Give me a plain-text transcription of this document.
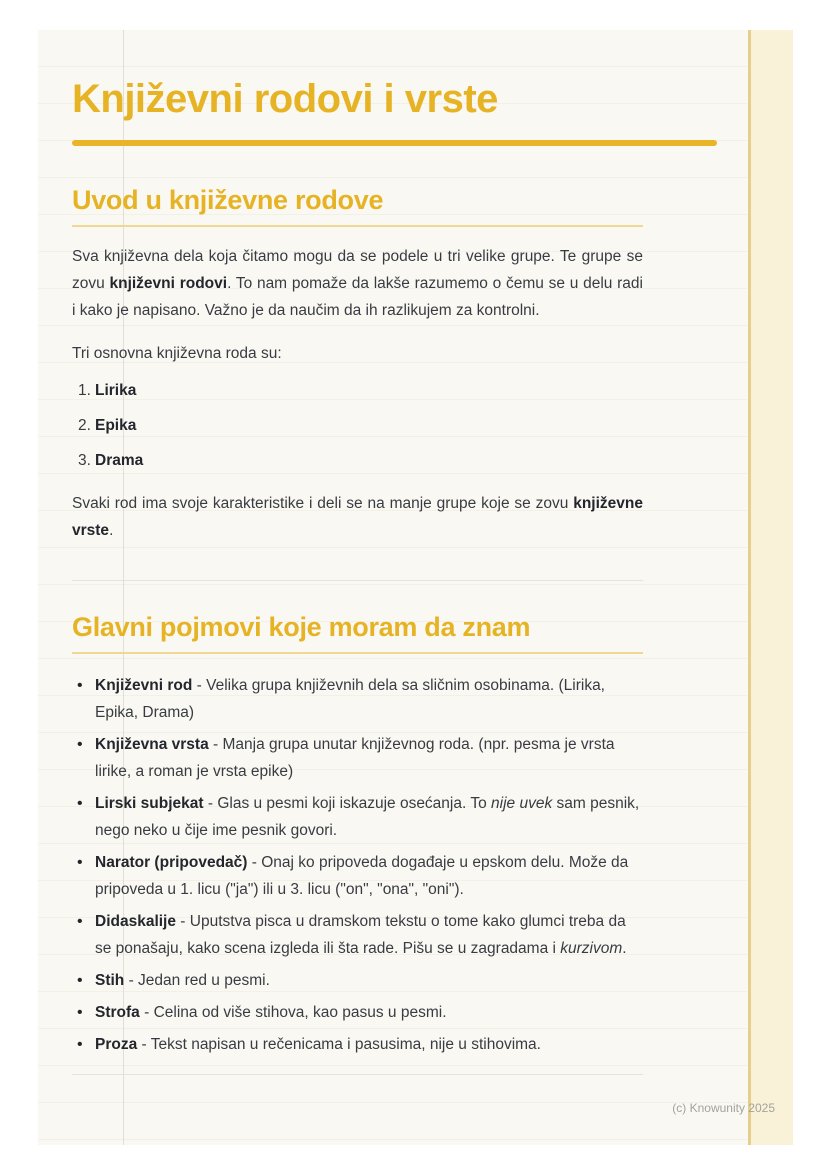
Književni rodovi i vrste
Uvod u književne rodove

Sva književna dela koja čitamo mogu da se podele u tri velike grupe. Te grupe se zovu književni rodovi. To nam pomaže da lakše razumemo o čemu se u delu radi i kako je napisano. Važno je da naučim da ih razlikujem za kontrolni.

Tri osnovna književna roda su:

1. Lirika
2. Epika
3. Drama

Svaki rod ima svoje karakteristike i deli se na manje grupe koje se zovu književne vrste.

Glavni pojmovi koje moram da znam
• Književni rod - Velika grupa književnih dela sa sličnim osobinama. (Lirika, Epika, Drama)
• Književna vrsta - Manja grupa unutar književnog roda. (npr. pesma je vrsta lirike, a roman je vrsta epike)
• Lirski subjekat - Glas u pesmi koji iskazuje osećanja. To nije uvek sam pesnik, nego neko u čije ime pesnik govori.
• Narator (pripovedač) - Onaj ko pripoveda događaje u epskom delu. Može da pripoveda u 1. licu ("ja") ili u 3. licu ("on", "ona", "oni").
• Didaskalije - Uputstva pisca u dramskom tekstu o tome kako glumci treba da se ponašaju, kako scena izgleda ili šta rade. Pišu se u zagradama i kurzivom.
• Stih - Jedan red u pesmi.
• Strofa - Celina od više stihova, kao pasus u pesmi.
• Proza - Tekst napisan u rečenicama i pasusima, nije u stihovima.
(c) Knowunity 2025
